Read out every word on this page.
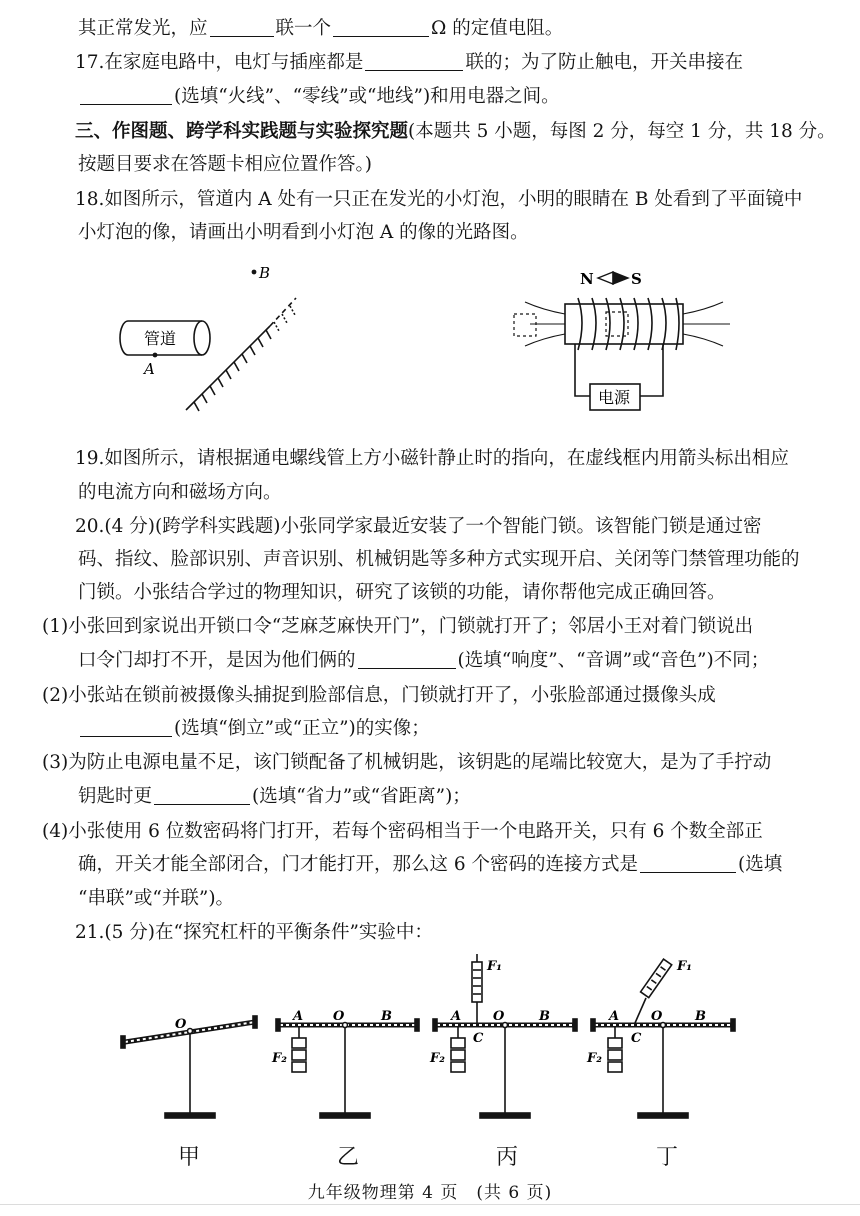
其正常发光，应	联一个	Ω 的定值电阻。
17.在家庭电路中，电灯与插座都是	联的；为了防止触电，开关串接在
(选填“火线”、“零线”或“地线”)和用电器之间。
三、作图题、跨学科实践题与实验探究题(本题共 5 小题，每图 2 分，每空 1 分，共 18 分。
按题目要求在答题卡相应位置作答。)
18.如图所示，管道内 A 处有一只正在发光的小灯泡，小明的眼睛在 B 处看到了平面镜中
小灯泡的像，请画出小明看到小灯泡 A 的像的光路图。
B
管道
A
N S
电源
19.如图所示，请根据通电螺线管上方小磁针静止时的指向，在虚线框内用箭头标出相应
的电流方向和磁场方向。
20.(4 分)(跨学科实践题)小张同学家最近安装了一个智能门锁。该智能门锁是通过密
码、指纹、脸部识别、声音识别、机械钥匙等多种方式实现开启、关闭等门禁管理功能的
门锁。小张结合学过的物理知识，研究了该锁的功能，请你帮他完成正确回答。
(1)小张回到家说出开锁口令“芝麻芝麻快开门”，门锁就打开了；邻居小王对着门锁说出
口令门却打不开，是因为他们俩的	(选填“响度”、“音调”或“音色”)不同；
(2)小张站在锁前被摄像头捕捉到脸部信息，门锁就打开了，小张脸部通过摄像头成
(选填“倒立”或“正立”)的实像；
(3)为防止电源电量不足，该门锁配备了机械钥匙，该钥匙的尾端比较宽大，是为了手拧动
钥匙时更	(选填“省力”或“省距离”)；
(4)小张使用 6 位数密码将门打开，若每个密码相当于一个电路开关，只有 6 个数全部正
确，开关才能全部闭合，门才能打开，那么这 6 个密码的连接方式是	(选填
“串联”或“并联”)。
21.(5 分)在“探究杠杆的平衡条件”实验中：
O
A O	B
F₂
F₁
A O	B
C
F₂
F₁
A O	B
C
F₂
甲	乙	丙	丁
九年级物理第 4 页　(共 6 页)
